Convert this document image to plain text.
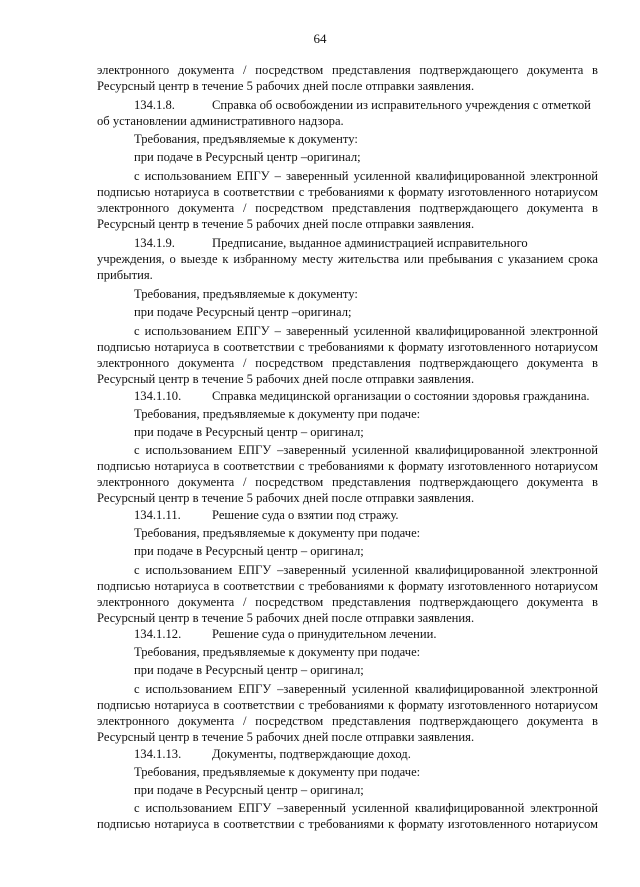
64
электронного документа / посредством представления подтверждающего документа в
Ресурсный центр в течение 5 рабочих дней после отправки заявления.
134.1.8.	Справка об освобождении из исправительного учреждения с отметкой
об установлении административного надзора.
Требования, предъявляемые к документу:
при подаче в Ресурсный центр –оригинал;
с использованием ЕПГУ – заверенный усиленной квалифицированной электронной
подписью нотариуса в соответствии с требованиями к формату изготовленного нотариусом
электронного документа / посредством представления подтверждающего документа в
Ресурсный центр в течение 5 рабочих дней после отправки заявления.
134.1.9.	Предписание, выданное администрацией исправительного
учреждения, о выезде к избранному месту жительства или пребывания с указанием срока
прибытия.
Требования, предъявляемые к документу:
при подаче Ресурсный центр –оригинал;
с использованием ЕПГУ – заверенный усиленной квалифицированной электронной
подписью нотариуса в соответствии с требованиями к формату изготовленного нотариусом
электронного документа / посредством представления подтверждающего документа в
Ресурсный центр в течение 5 рабочих дней после отправки заявления.
134.1.10. Справка медицинской организации о состоянии здоровья гражданина.
Требования, предъявляемые к документу при подаче:
при подаче в Ресурсный центр – оригинал;
с использованием ЕПГУ –заверенный усиленной квалифицированной электронной
подписью нотариуса в соответствии с требованиями к формату изготовленного нотариусом
электронного документа / посредством представления подтверждающего документа в
Ресурсный центр в течение 5 рабочих дней после отправки заявления.
134.1.11. Решение суда о взятии под стражу.
Требования, предъявляемые к документу при подаче:
при подаче в Ресурсный центр – оригинал;
с использованием ЕПГУ –заверенный усиленной квалифицированной электронной
подписью нотариуса в соответствии с требованиями к формату изготовленного нотариусом
электронного документа / посредством представления подтверждающего документа в
Ресурсный центр в течение 5 рабочих дней после отправки заявления.
134.1.12. Решение суда о принудительном лечении.
Требования, предъявляемые к документу при подаче:
при подаче в Ресурсный центр – оригинал;
с использованием ЕПГУ –заверенный усиленной квалифицированной электронной
подписью нотариуса в соответствии с требованиями к формату изготовленного нотариусом
электронного документа / посредством представления подтверждающего документа в
Ресурсный центр в течение 5 рабочих дней после отправки заявления.
134.1.13. Документы, подтверждающие доход.
Требования, предъявляемые к документу при подаче:
при подаче в Ресурсный центр – оригинал;
с использованием ЕПГУ –заверенный усиленной квалифицированной электронной
подписью нотариуса в соответствии с требованиями к формату изготовленного нотариусом
